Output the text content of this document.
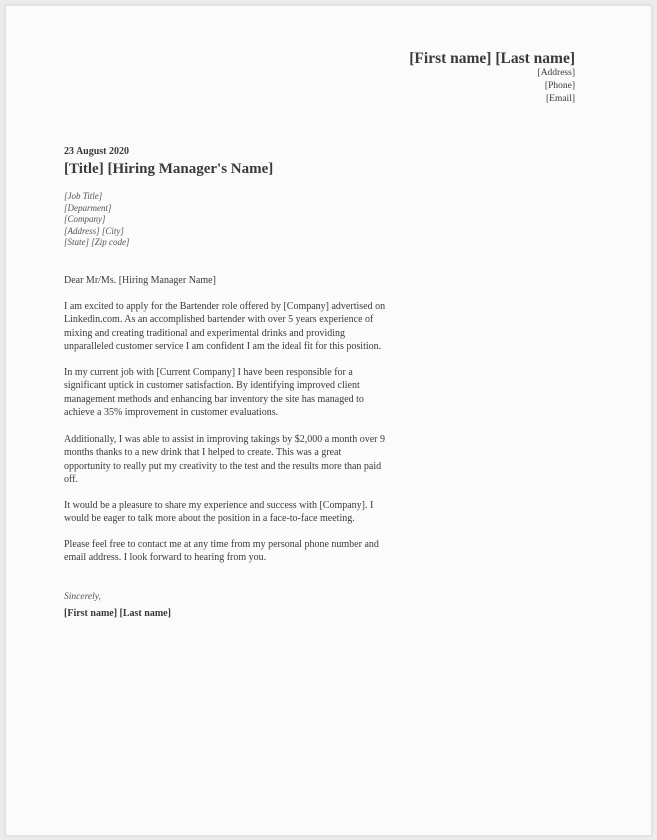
[First name] [Last name]
[Address]
[Phone]
[Email]
23 August 2020
[Title] [Hiring Manager's Name]
[Job Title]
[Deparment]
[Company]
[Address] [City]
[State] [Zip code]
Dear Mr/Ms. [Hiring Manager Name]
I am excited to apply for the Bartender role offered by [Company] advertised on
Linkedin.com. As an accomplished bartender with over 5 years experience of
mixing and creating traditional and experimental drinks and providing
unparalleled customer service I am confident I am the ideal fit for this position.
In my current job with [Current Company] I have been responsible for a
significant uptick in customer satisfaction. By identifying improved client
management methods and enhancing bar inventory the site has managed to
achieve a 35% improvement in customer evaluations.
Additionally, I was able to assist in improving takings by $2,000 a month over 9
months thanks to a new drink that I helped to create. This was a great
opportunity to really put my creativity to the test and the results more than paid
off.
It would be a pleasure to share my experience and success with [Company]. I
would be eager to talk more about the position in a face-to-face meeting.
Please feel free to contact me at any time from my personal phone number and
email address. I look forward to hearing from you.
Sincerely,
[First name] [Last name]
